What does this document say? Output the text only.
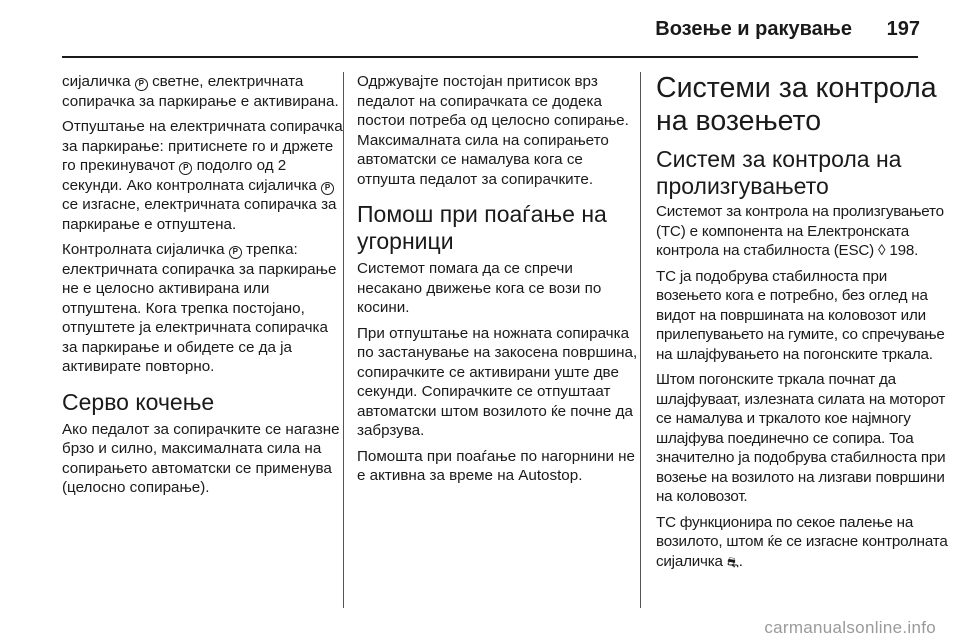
Возење и ракување 197

сијаличка P светне, електричната сопирачка за паркирање е активирана.

Отпуштање на електричната сопирачка за паркирање: притиснете го и држете го прекинувачот P подолго од 2 секунди. Ако контролната сијаличка P се изгасне, електричната сопирачка за паркирање е отпуштена.

Контролната сијаличка P трепка: електричната сопирачка за паркирање не е целосно активирана или отпуштена. Кога трепка постојано, отпуштете ја електричната сопирачка за паркирање и обидете се да ја активирате повторно.

Серво кочење

Ако педалот за сопирачките се нагазне брзо и силно, максималната сила на сопирањето автоматски се применува (целосно сопирање).

Одржувајте постојан притисок врз педалот на сопирачката се додека постои потреба од целосно сопирање. Максималната сила на сопирањето автоматски се намалува кога се отпушта педалот за сопирачките.

Помош при поаѓање на угорници

Системот помага да се спречи несакано движење кога се вози по косини.

При отпуштање на ножната сопирачка по застанување на закосена површина, сопирачките се активирани уште две секунди. Сопирачките се отпуштаат автоматски штом возилото ќе почне да забрзува.

Помошта при поаѓање по нагорнини не е активна за време на Autostop.

Системи за контрола на возењето
Систем за контрола на пролизгувањето

Системот за контрола на пролизгувањето (TC) е компонента на Електронската контрола на стабилноста (ESC) ◊ 198.

TC ја подобрува стабилноста при возењето кога е потребно, без оглед на видот на површината на коловозот или прилепувањето на гумите, со спречување на шлајфувањето на погонските тркала.

Штом погонските тркала почнат да шлајфуваат, излезната силата на моторот се намалува и тркалото кое најмногу шлајфува поединечно се сопира. Тоа значително ја подобрува стабилноста при возење на возилото на лизгави површини на коловозот.

TC функционира по секое палење на возилото, штом ќе се изгасне контролната сијаличка ⛐.

carmanualsonline.info
